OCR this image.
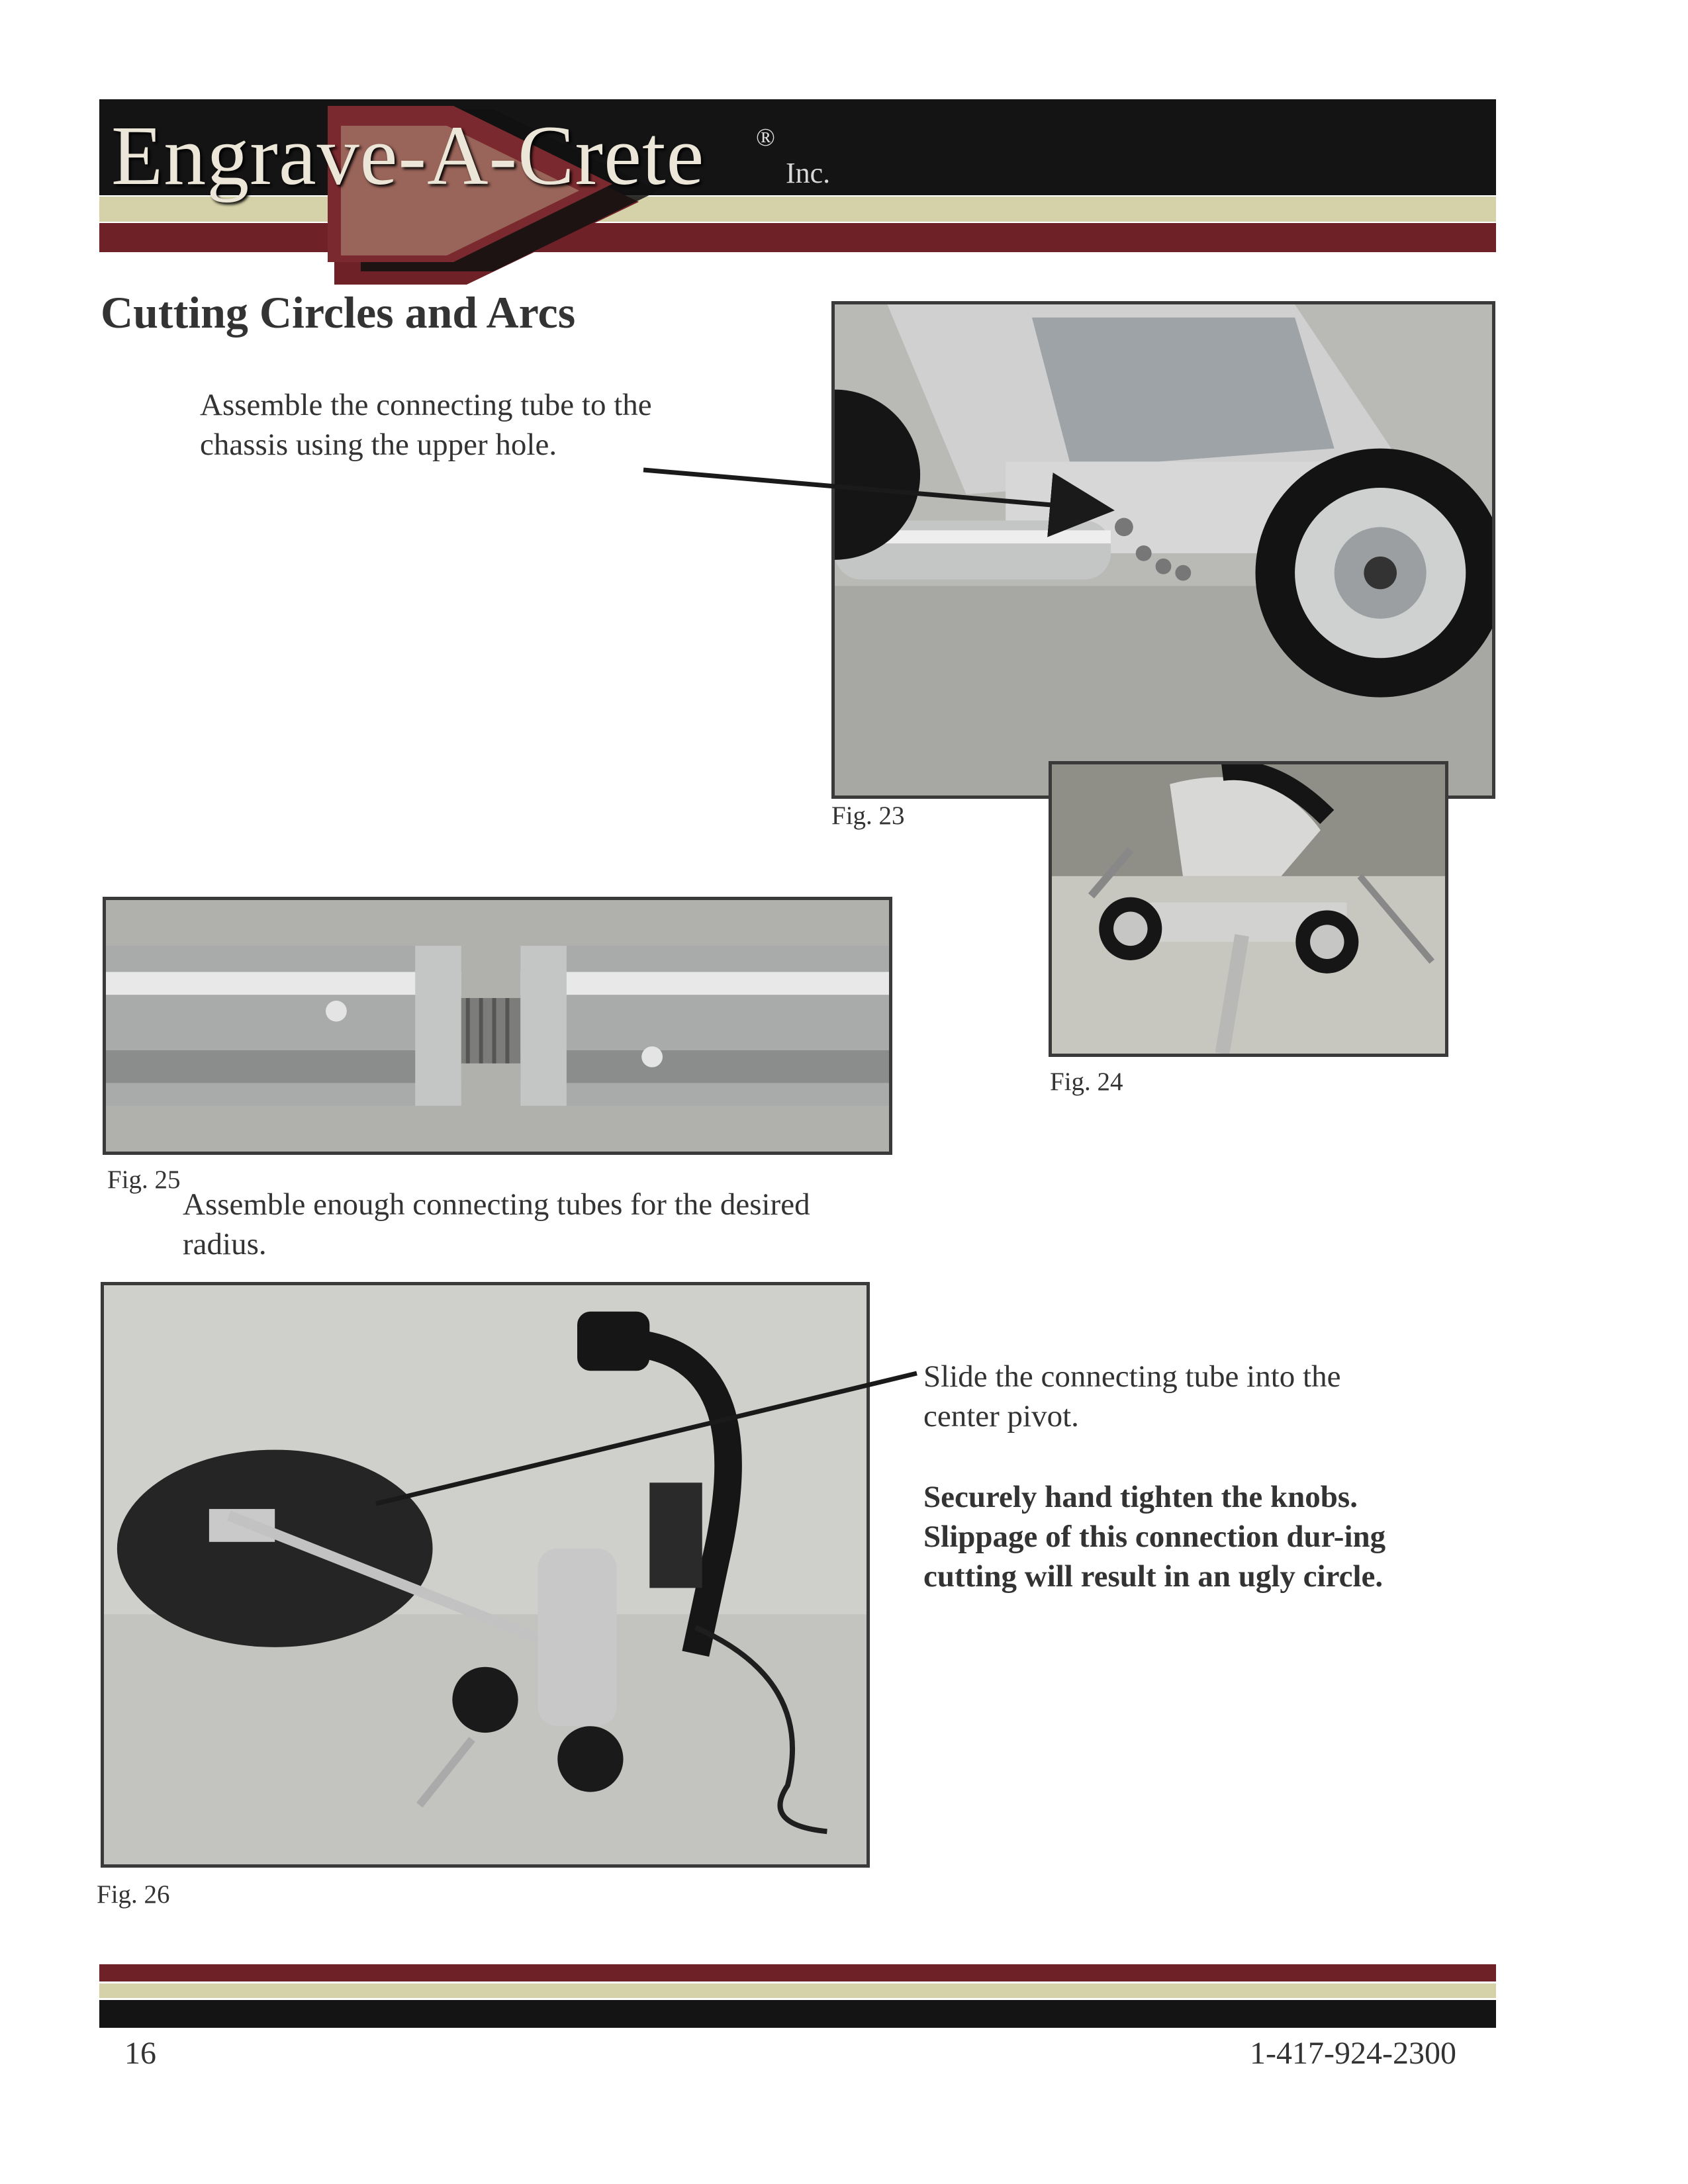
Engrave-A-Crete ®
Inc.
Cutting Circles and Arcs
Assemble the connecting tube to the chassis using the upper hole.
Assemble enough connecting tubes for the desired radius.
Slide the connecting tube into the center pivot.
Securely hand tighten the knobs. Slippage of this connection dur-ing cutting will result in an ugly circle.
Fig. 23
Fig. 24
Fig. 25
Fig. 26
16	1-417-924-2300
